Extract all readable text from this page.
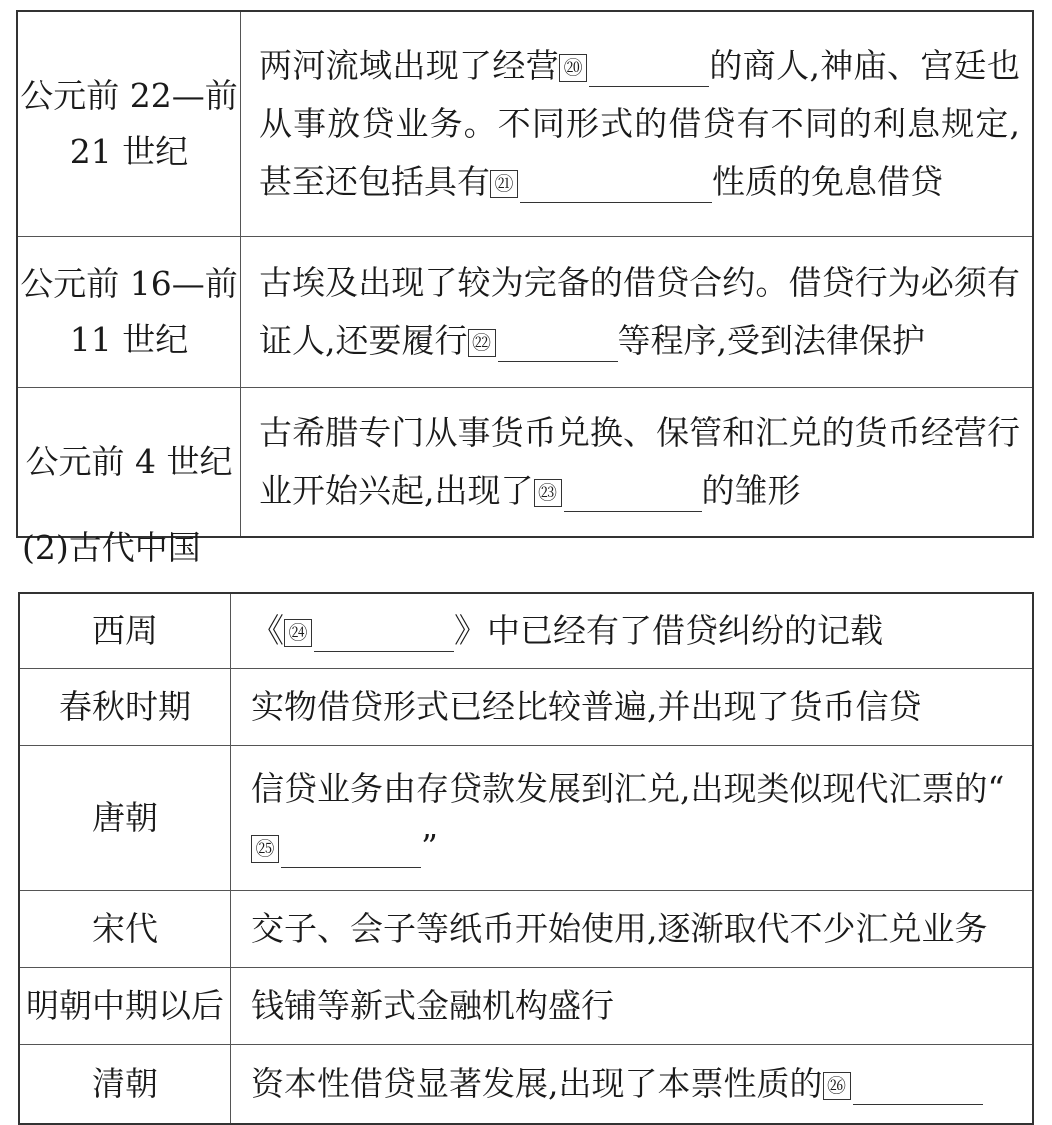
公元前 22—前 21 世纪	两河流域出现了经营 ⑳ 的商人,神庙、宫廷也从事放贷业务。不同形式的借贷有不同的利息规定,甚至还包括具有 ㉑ 性质的免息借贷
公元前 16—前 11 世纪	古埃及出现了较为完备的借贷合约。借贷行为必须有证人,还要履行 ㉒ 等程序,受到法律保护
公元前 4 世纪	古希腊专门从事货币兑换、保管和汇兑的货币经营行业开始兴起,出现了 ㉓ 的雏形
(2)古代中国
西周	《 ㉔ 》中已经有了借贷纠纷的记载
春秋时期	实物借贷形式已经比较普遍,并出现了货币信贷
唐朝	信贷业务由存贷款发展到汇兑,出现类似现代汇票的“㉕ ”
宋代	交子、会子等纸币开始使用,逐渐取代不少汇兑业务
明朝中期以后	钱铺等新式金融机构盛行
清朝	资本性借贷显著发展,出现了本票性质的 ㉖
